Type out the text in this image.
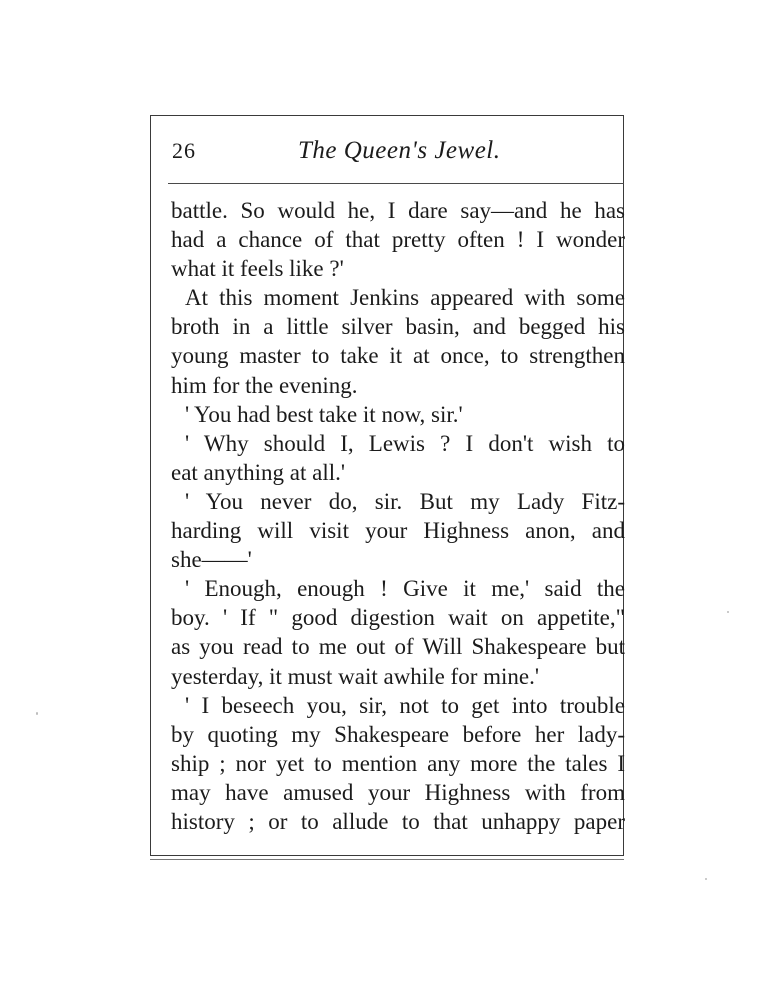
26	The Queen's Jewel.
battle. So would he, I dare say—and he has
had a chance of that pretty often ! I wonder
what it feels like ?'
At this moment Jenkins appeared with some
broth in a little silver basin, and begged his
young master to take it at once, to strengthen
him for the evening.
' You had best take it now, sir.'
' Why should I, Lewis ? I don't wish to
eat anything at all.'
' You never do, sir. But my Lady Fitz-
harding will visit your Highness anon, and
she——'
' Enough, enough ! Give it me,' said the
boy. ' If " good digestion wait on appetite,"
as you read to me out of Will Shakespeare but
yesterday, it must wait awhile for mine.'
' I beseech you, sir, not to get into trouble
by quoting my Shakespeare before her lady-
ship ; nor yet to mention any more the tales I
may have amused your Highness with from
history ; or to allude to that unhappy paper
